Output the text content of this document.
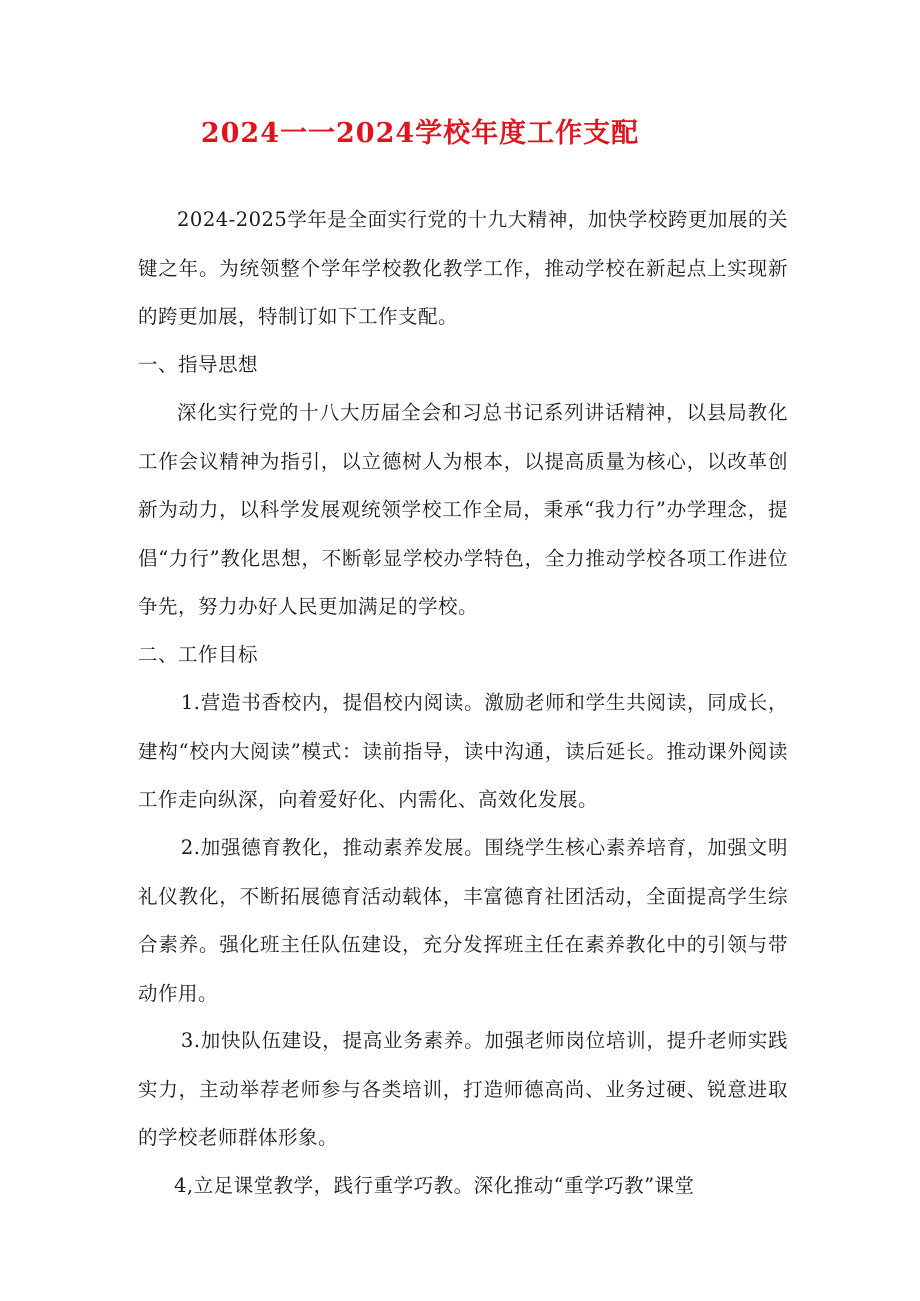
2024一一2024学校年度工作支配

2024-2025学年是全面实行党的十九大精神，加快学校跨更加展的关键之年。为统领整个学年学校教化教学工作，推动学校在新起点上实现新的跨更加展，特制订如下工作支配。

一、指导思想

深化实行党的十八大历届全会和习总书记系列讲话精神，以县局教化工作会议精神为指引，以立德树人为根本，以提高质量为核心，以改革创新为动力，以科学发展观统领学校工作全局，秉承“我力行”办学理念，提倡“力行”教化思想，不断彰显学校办学特色，全力推动学校各项工作进位争先，努力办好人民更加满足的学校。

二、工作目标

1.营造书香校内，提倡校内阅读。激励老师和学生共阅读，同成长，建构“校内大阅读”模式：读前指导，读中沟通，读后延长。推动课外阅读工作走向纵深，向着爱好化、内需化、高效化发展。

2.加强德育教化，推动素养发展。围绕学生核心素养培育，加强文明礼仪教化，不断拓展德育活动载体，丰富德育社团活动，全面提高学生综合素养。强化班主任队伍建设，充分发挥班主任在素养教化中的引领与带动作用。

3.加快队伍建设，提高业务素养。加强老师岗位培训，提升老师实践实力，主动举荐老师参与各类培训，打造师德高尚、业务过硬、锐意进取的学校老师群体形象。

4,立足课堂教学，践行重学巧教。深化推动“重学巧教”课堂
